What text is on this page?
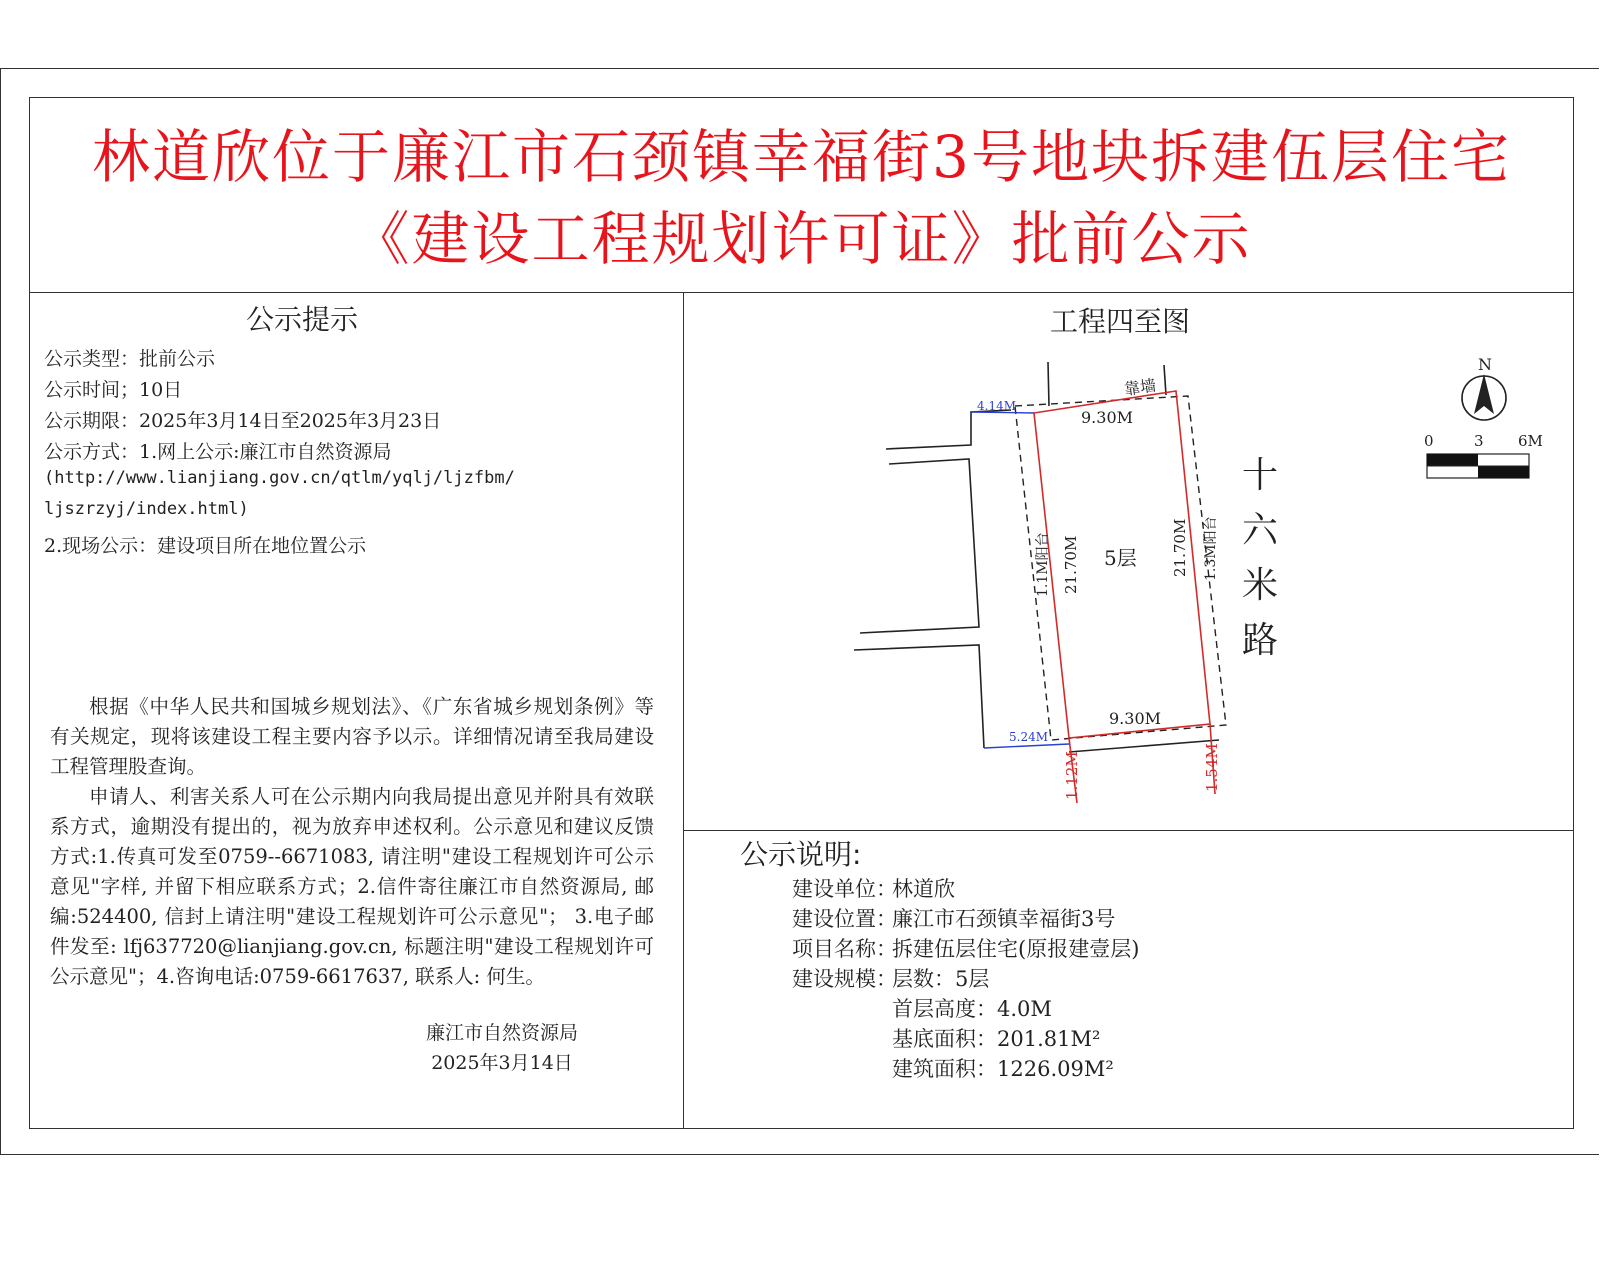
林道欣位于廉江市石颈镇幸福街3号地块拆建伍层住宅
《建设工程规划许可证》批前公示
公示提示
公示类型：批前公示
公示时间；10日
公示期限：2025年3月14日至2025年3月23日
公示方式：1.网上公示:廉江市自然资源局
(http://www.lianjiang.gov.cn/qtlm/yqlj/ljzfbm/
ljszrzyj/index.html)
2.现场公示：建设项目所在地位置公示

根据《中华人民共和国城乡规划法》、《广东省城乡规划条例》等有关规定，现将该建设工程主要内容予以示。详细情况请至我局建设工程管理股查询。

申请人、利害关系人可在公示期内向我局提出意见并附具有效联系方式，逾期没有提出的，视为放弃申述权利。公示意见和建议反馈方式:1.传真可发至0759--6671083, 请注明"建设工程规划许可公示意见"字样, 并留下相应联系方式；2.信件寄往廉江市自然资源局, 邮编:524400, 信封上请注明"建设工程规划许可公示意见"； 3.电子邮件发至: lfj637720@lianjiang.gov.cn, 标题注明"建设工程规划许可公示意见"；4.咨询电话:0759-6617637, 联系人: 何生。

廉江市自然资源局
2025年3月14日
工程四至图
4.14M
5.24M
9.30M
9.30M
靠墙
5层
21.70M	21.70M
1.1M阳台	1.3M阳台
1.12M	1.54M
十
六
米
路
N
0	3 6M
公示说明:
建设单位：林道欣
建设位置：廉江市石颈镇幸福街3号
项目名称：拆建伍层住宅(原报建壹层)
建设规模：层数：5层
首层高度：4.0M
基底面积：201.81M²
建筑面积：1226.09M²
